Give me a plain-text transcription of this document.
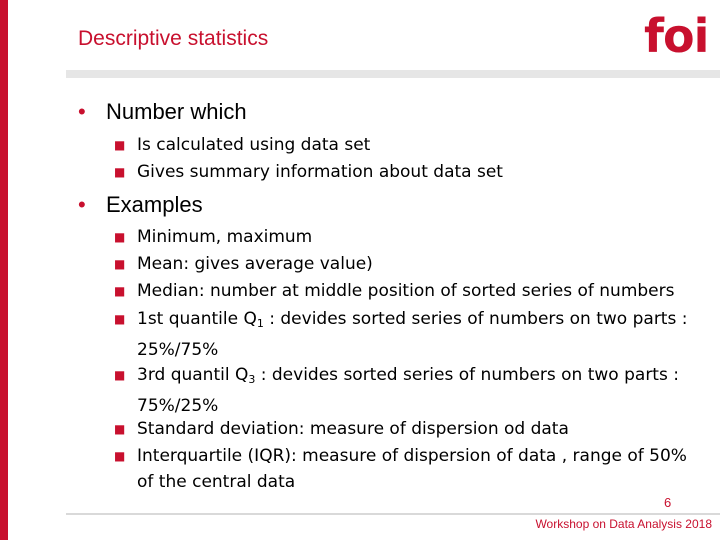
Descriptive statistics	foi
• Number which
■ Is calculated using data set
■ Gives summary information about data set
• Examples
■ Minimum, maximum
■ Mean: gives average value)
■ Median: number at middle position of sorted series of numbers
■ 1st quantile $Q_1$ : devides sorted series of numbers on two parts : 25%/75%
■ 3rd quantil $Q_3$ : devides sorted series of numbers on two parts : 75%/25%
■ Standard deviation: measure of dispersion od data
■ Interquartile (IQR): measure of dispersion of data , range of 50% of the central data
6
Workshop on Data Analysis 2018
